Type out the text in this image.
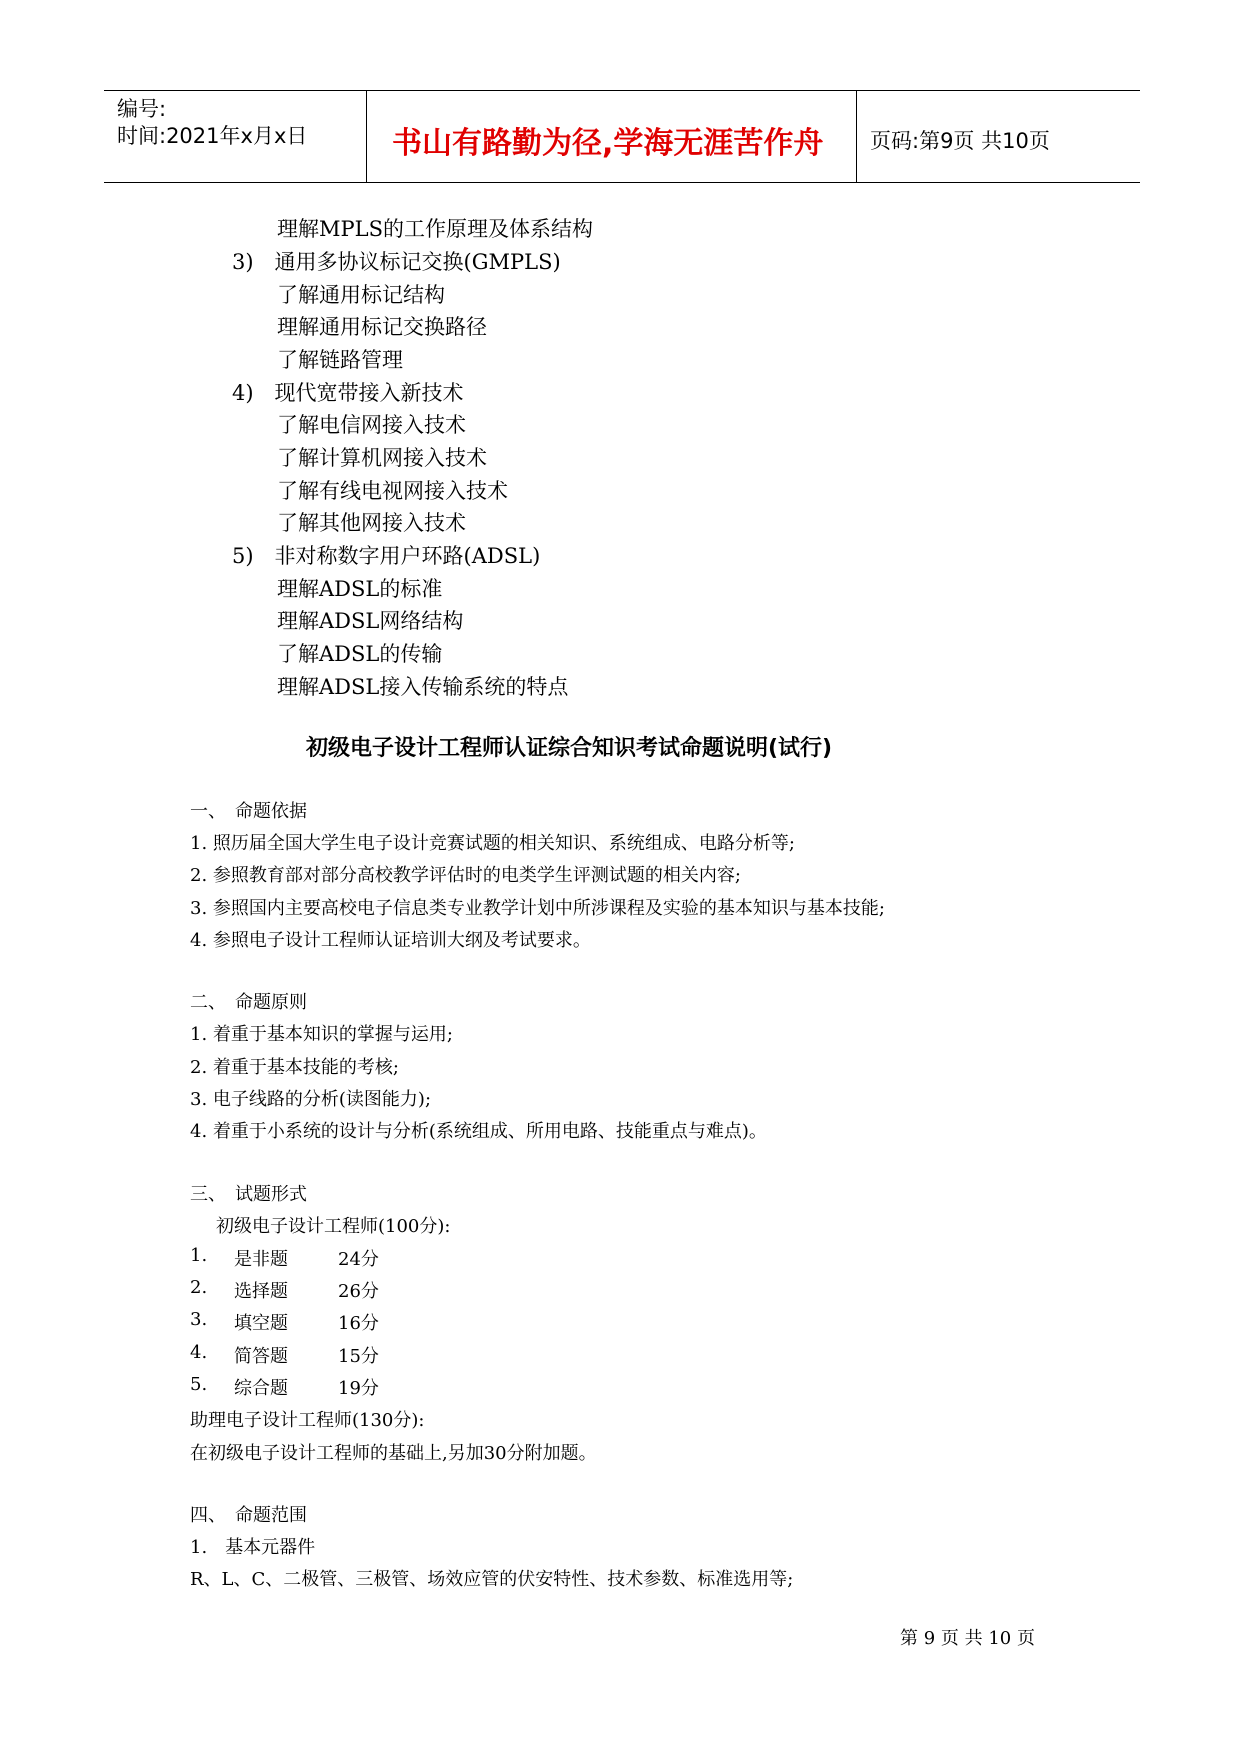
编号:
时间:2021年x月x日	书山有路勤为径,学海无涯苦作舟 页码:第9页 共10页
理解MPLS的工作原理及体系结构
3)　通用多协议标记交换(GMPLS)
了解通用标记结构
理解通用标记交换路径
了解链路管理
4)　现代宽带接入新技术
了解电信网接入技术
了解计算机网接入技术
了解有线电视网接入技术
了解其他网接入技术
5)　非对称数字用户环路(ADSL)
理解ADSL的标准
理解ADSL网络结构
了解ADSL的传输
理解ADSL接入传输系统的特点
初级电子设计工程师认证综合知识考试命题说明(试行)
一、　命题依据
1. 照历届全国大学生电子设计竞赛试题的相关知识、系统组成、电路分析等;
2. 参照教育部对部分高校教学评估时的电类学生评测试题的相关内容;
3. 参照国内主要高校电子信息类专业教学计划中所涉课程及实验的基本知识与基本技能;
4. 参照电子设计工程师认证培训大纲及考试要求。
二、　命题原则
1. 着重于基本知识的掌握与运用;
2. 着重于基本技能的考核;
3. 电子线路的分析(读图能力);
4. 着重于小系统的设计与分析(系统组成、所用电路、技能重点与难点)。
三、　试题形式
初级电子设计工程师(100分):
1. 是非题	24分
2. 选择题	26分
3. 填空题	16分
4. 简答题	15分
5. 综合题	19分
助理电子设计工程师(130分):
在初级电子设计工程师的基础上,另加30分附加题。
四、　命题范围
1.　基本元器件
R、L、C、二极管、三极管、场效应管的伏安特性、技术参数、标准选用等;
第 9 页 共 10 页
